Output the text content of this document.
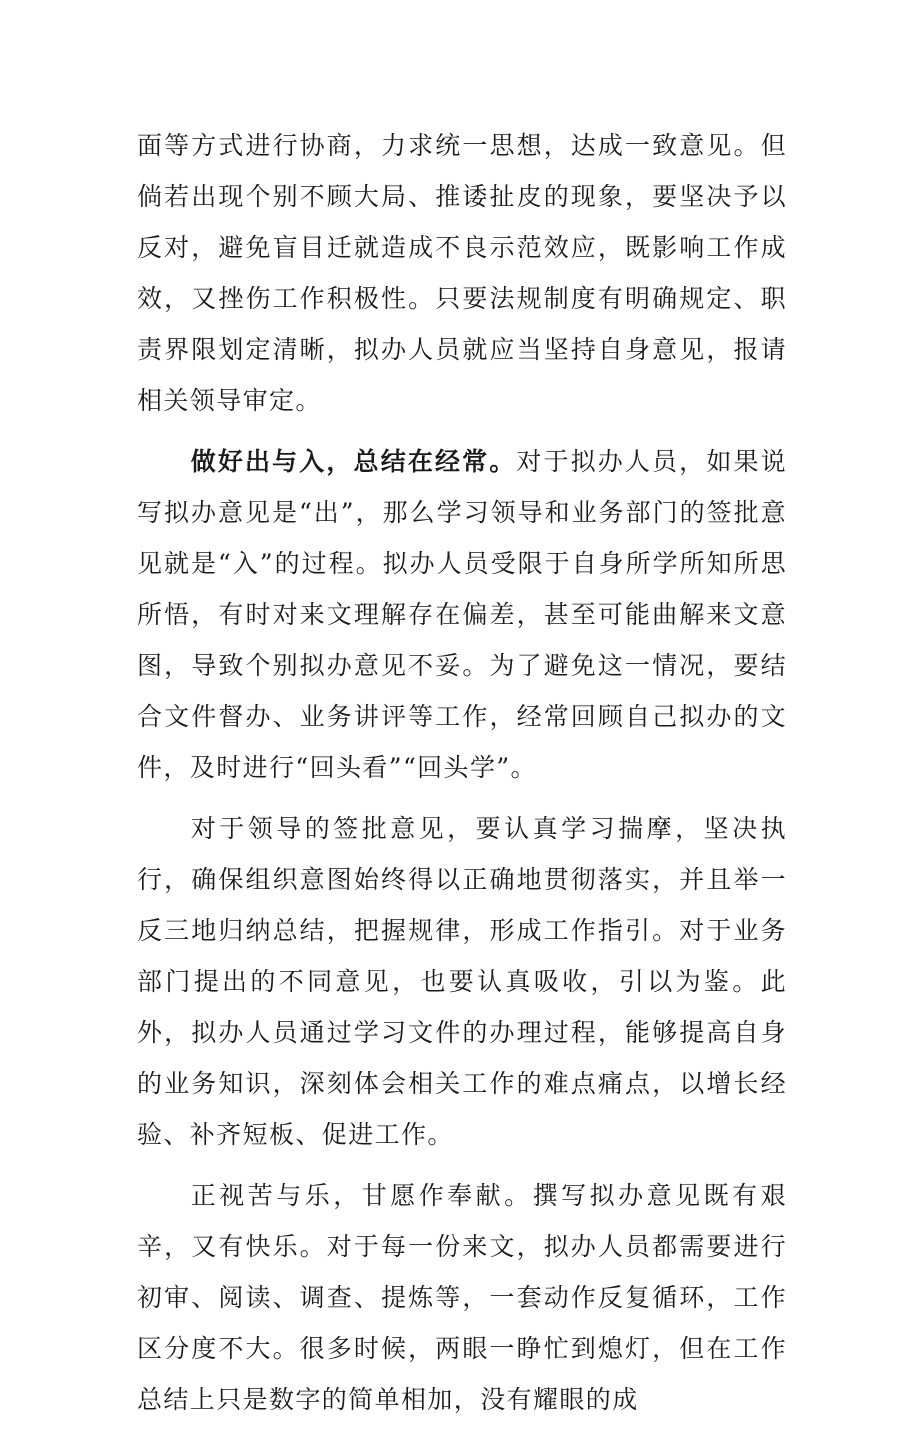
面等方式进行协商，力求统一思想，达成一致意见。但倘若出现个别不顾大局、推诿扯皮的现象，要坚决予以反对，避免盲目迁就造成不良示范效应，既影响工作成效，又挫伤工作积极性。只要法规制度有明确规定、职责界限划定清晰，拟办人员就应当坚持自身意见，报请相关领导审定。

做好出与入，总结在经常。对于拟办人员，如果说写拟办意见是“出”，那么学习领导和业务部门的签批意见就是“入”的过程。拟办人员受限于自身所学所知所思所悟，有时对来文理解存在偏差，甚至可能曲解来文意图，导致个别拟办意见不妥。为了避免这一情况，要结合文件督办、业务讲评等工作，经常回顾自己拟办的文件，及时进行“回头看”“回头学”。

对于领导的签批意见，要认真学习揣摩，坚决执行，确保组织意图始终得以正确地贯彻落实，并且举一反三地归纳总结，把握规律，形成工作指引。对于业务部门提出的不同意见，也要认真吸收，引以为鉴。此外，拟办人员通过学习文件的办理过程，能够提高自身的业务知识，深刻体会相关工作的难点痛点，以增长经验、补齐短板、促进工作。

正视苦与乐，甘愿作奉献。撰写拟办意见既有艰辛，又有快乐。对于每一份来文，拟办人员都需要进行初审、阅读、调查、提炼等，一套动作反复循环，工作区分度不大。很多时候，两眼一睁忙到熄灯，但在工作总结上只是数字的简单相加，没有耀眼的成
